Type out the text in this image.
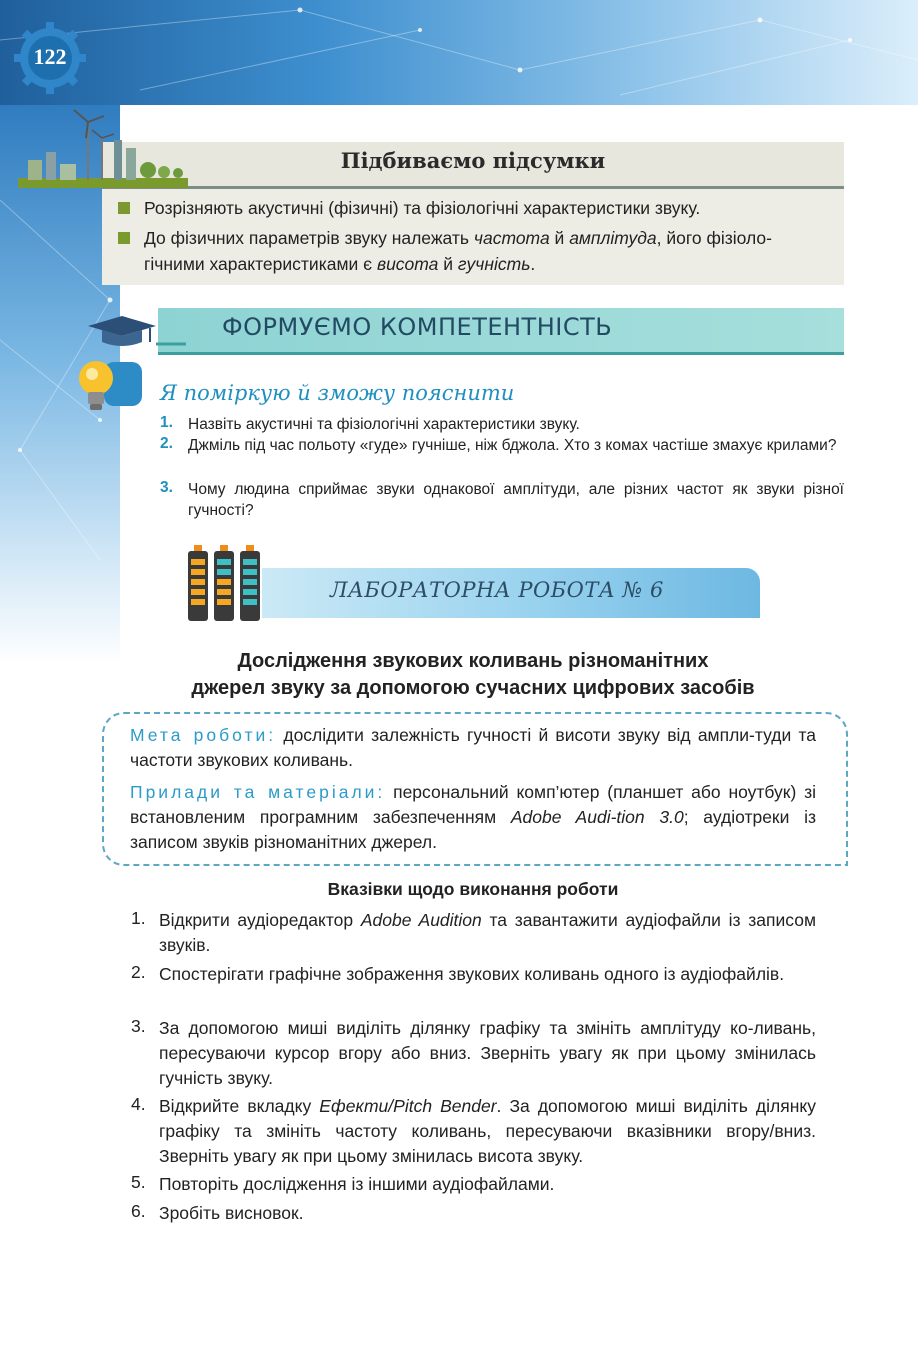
122
Підбиваємо підсумки
Розрізняють акустичні (фізичні) та фізіологічні характеристики звуку.
До фізичних параметрів звуку належать частота й амплітуда, його фізіоло-
гічними характеристиками є висота й гучність.
ФОРМУЄМО КОМПЕТЕНТНІСТЬ
Я поміркую й зможу пояснити
1. Назвіть акустичні та фізіологічні характеристики звуку.
2. Джміль під час польоту «гуде» гучніше, ніж бджола. Хто з комах частіше змахує крилами?
3. Чому людина сприймає звуки однакової амплітуди, але різних частот як звуки різної гучності?
ЛАБОРАТОРНА РОБОТА № 6
Дослідження звукових коливань різноманітних
джерел звуку за допомогою сучасних цифрових засобів
Мета роботи: дослідити залежність гучності й висоти звуку від ампли-туди та частоти звукових коливань.
Прилади та матеріали: персональний комп’ютер (планшет або ноутбук) зі встановленим програмним забезпеченням Adobe Audi-tion 3.0; аудіотреки із записом звуків різноманітних джерел.
Вказівки щодо виконання роботи
1. Відкрити аудіоредактор Adobe Audition та завантажити аудіофайли із записом звуків.
2. Спостерігати графічне зображення звукових коливань одного із аудіофайлів.
3. За допомогою миші виділіть ділянку графіку та змініть амплітуду ко-ливань, пересуваючи курсор вгору або вниз. Зверніть увагу як при цьому змінилась гучність звуку.
4. Відкрийте вкладку Ефекти/Pitch Bender. За допомогою миші виділіть ділянку графіку та змініть частоту коливань, пересуваючи вказівники вгору/вниз. Зверніть увагу як при цьому змінилась висота звуку.
5. Повторіть дослідження із іншими аудіофайлами.
6. Зробіть висновок.
